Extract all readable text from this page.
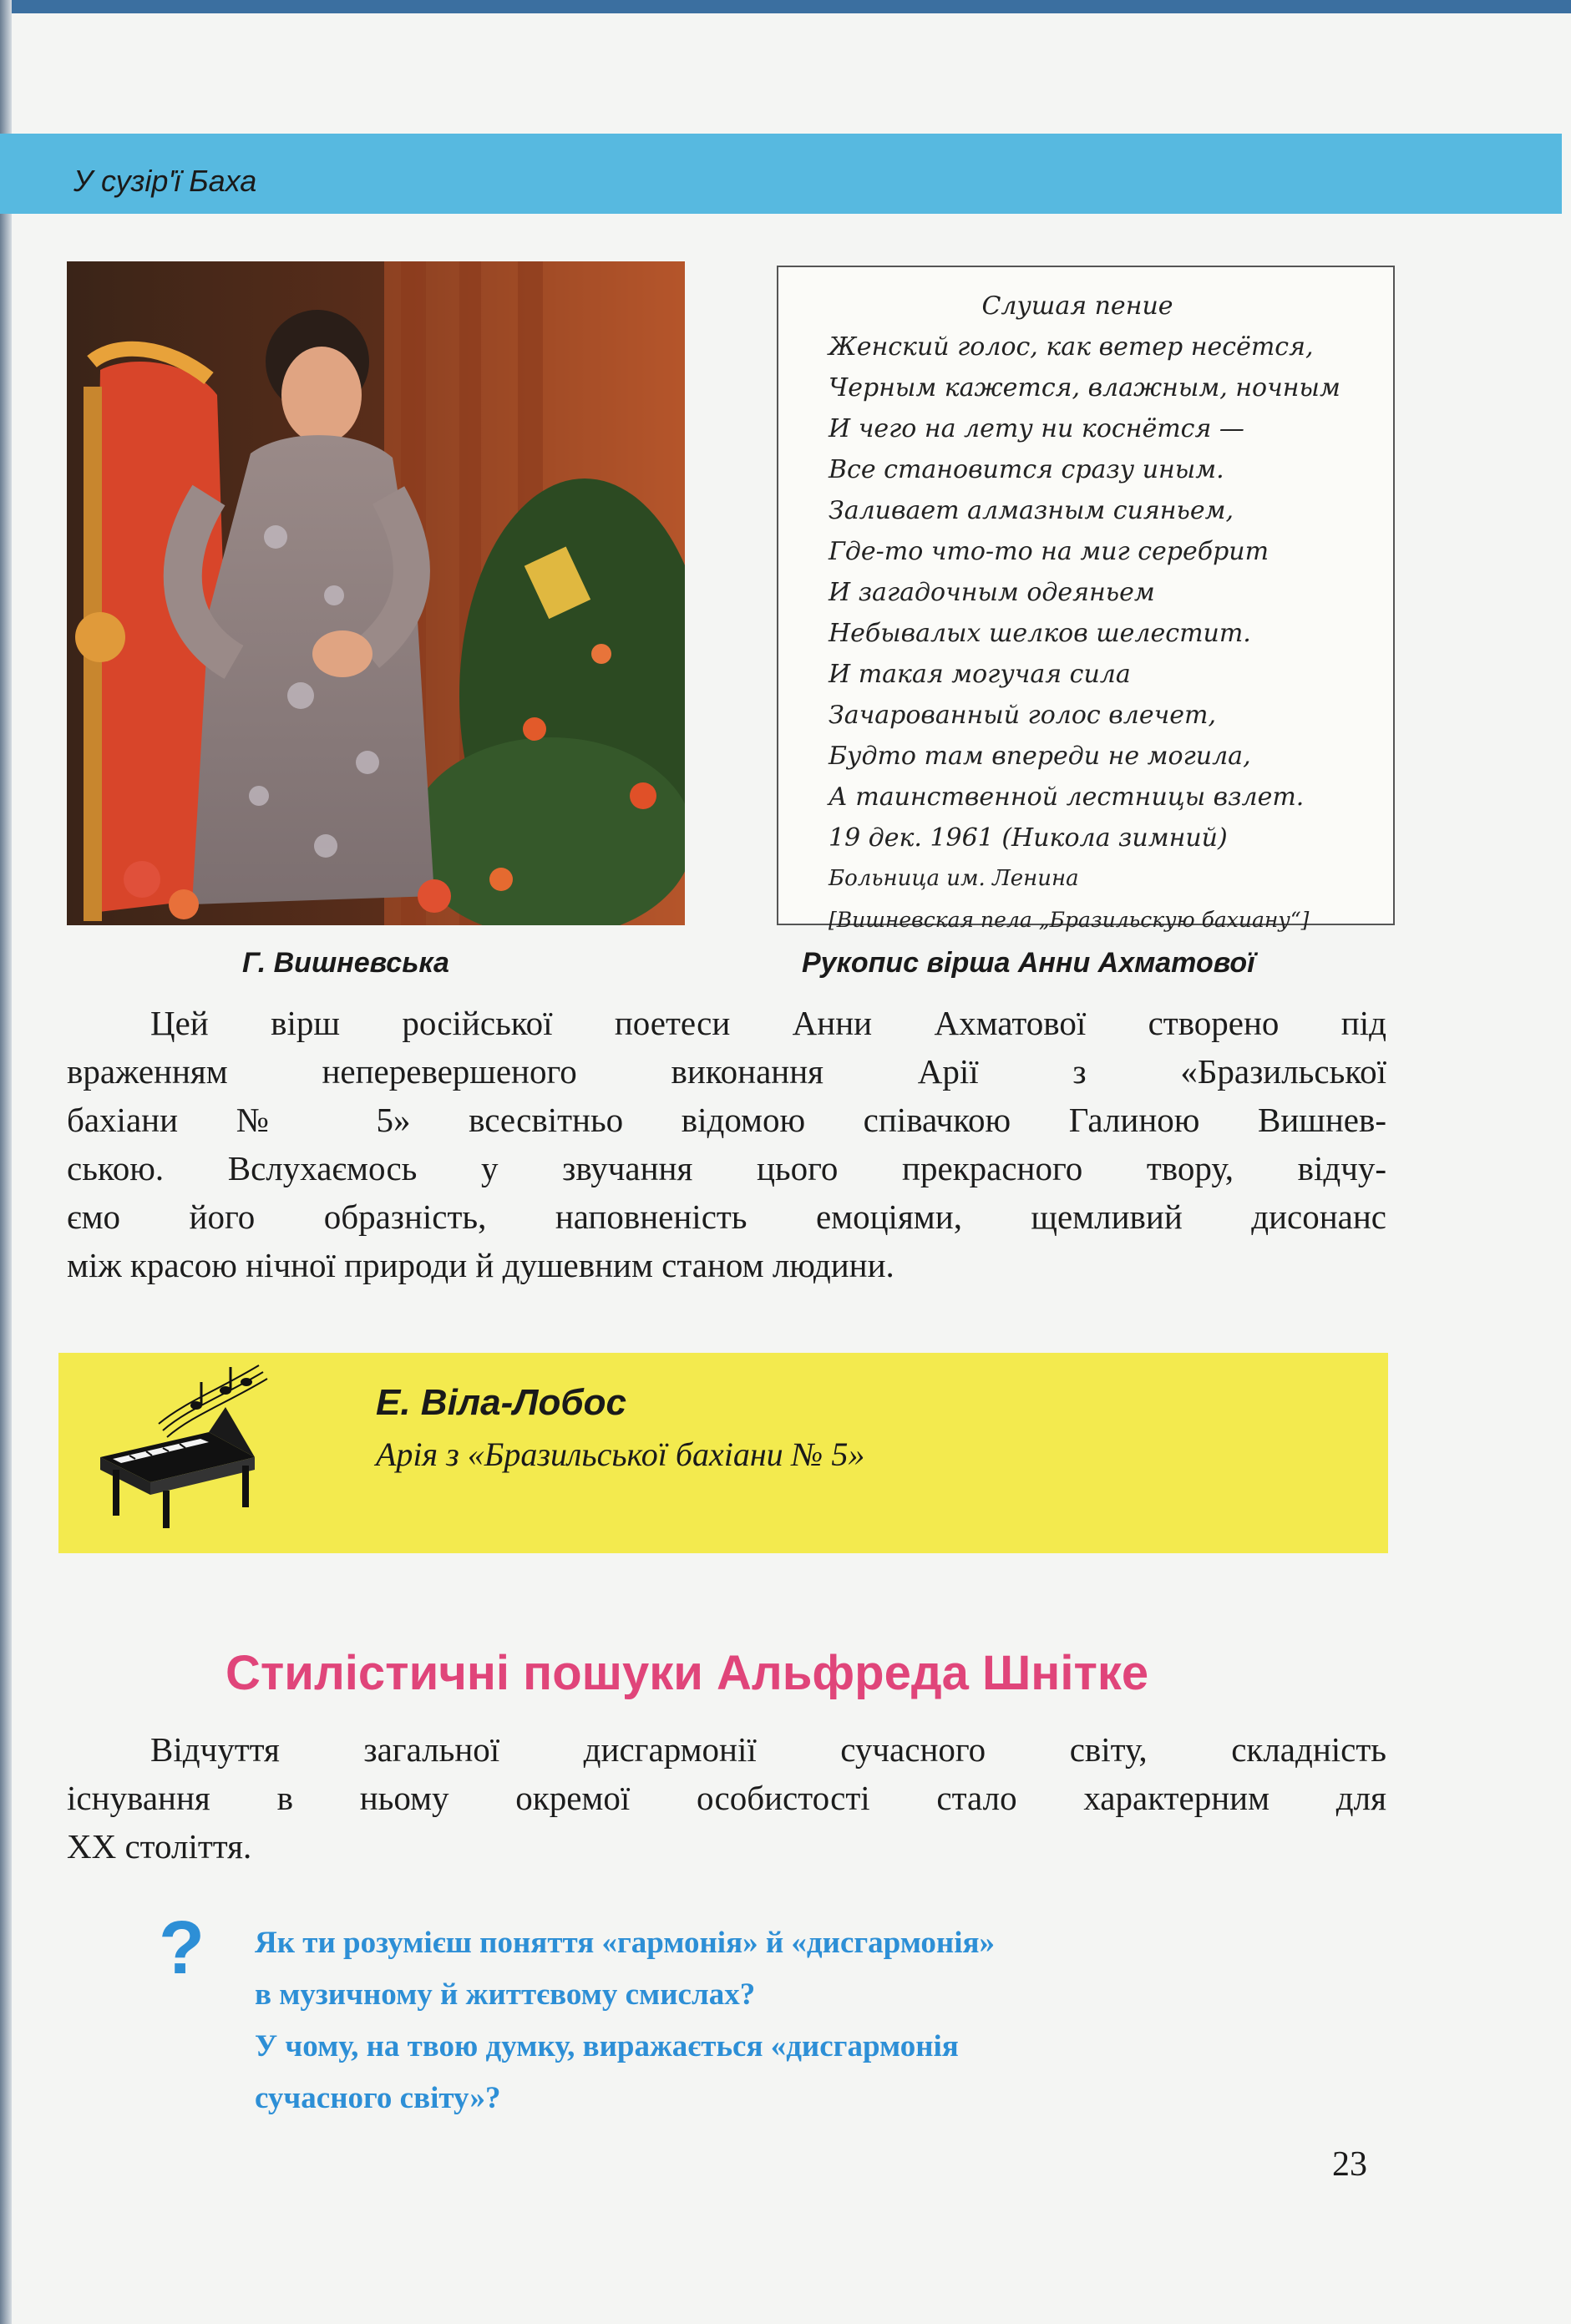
У сузір'ї Баха
Слушая пение
Женский голос, как ветер несётся,
Черным кажется, влажным, ночным
И чего на лету ни коснётся —
Все становится сразу иным.
Заливает алмазным сияньем,
Где-то что-то на миг серебрит
И загадочным одеяньем
Небывалых шелков шелестит.
И такая могучая сила
Зачарованный голос влечет,
Будто там впереди не могила,
А таинственной лестницы взлет.
19 дек. 1961 (Никола зимний)
Больница им. Ленина
[Вишневская пела „Бразильскую бахиану“]
Г. Вишневська	Рукопис вірша Анни Ахматової
Цей вірш російської поетеси Анни Ахматової створено під
враженням неперевершеного виконання Арії з «Бразильської
бахіани № 5» всесвітньо відомою співачкою Галиною Вишнев-
ською. Вслухаємось у звучання цього прекрасного твору, відчу-
ємо його образність, наповненість емоціями, щемливий дисонанс
між красою нічної природи й душевним станом людини.
Е. Віла-Лобос
Арія з «Бразильської бахіани № 5»
Стилістичні пошуки Альфреда Шнітке
Відчуття загальної дисгармонії сучасного світу, складність
існування в ньому окремої особистості стало характерним для
ХХ століття.
? Як ти розумієш поняття «гармонія» й «дисгармонія»
в музичному й життєвому смислах?
У чому, на твою думку, виражається «дисгармонія
сучасного світу»?
23
